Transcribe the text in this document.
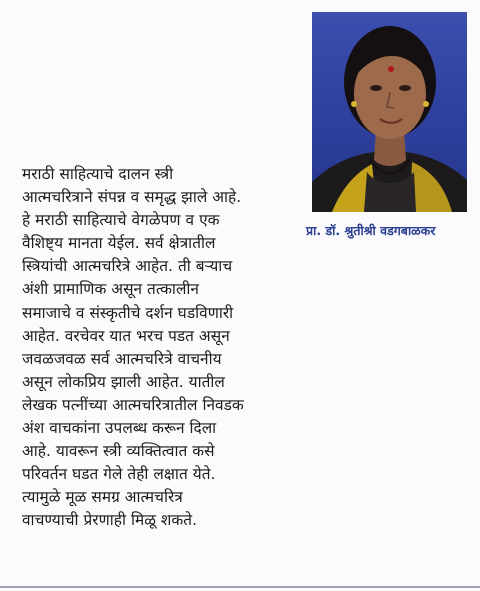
प्रा. डॉ. श्रुतीश्री वडगबाळकर
मराठी साहित्याचे दालन स्त्री
आत्मचरित्राने संपन्न व समृद्ध झाले आहे.
हे मराठी साहित्याचे वेगळेपण व एक
वैशिष्ट्य मानता येईल. सर्व क्षेत्रातील
स्त्रियांची आत्मचरित्रे आहेत. ती बऱ्याच
अंशी प्रामाणिक असून तत्कालीन
समाजाचे व संस्कृतीचे दर्शन घडविणारी
आहेत. वरचेवर यात भरच पडत असून
जवळजवळ सर्व आत्मचरित्रे वाचनीय
असून लोकप्रिय झाली आहेत. यातील
लेखक पत्नींच्या आत्मचरित्रातील निवडक
अंश वाचकांना उपलब्ध करून दिला
आहे. यावरून स्त्री व्यक्तित्वात कसे
परिवर्तन घडत गेले तेही लक्षात येते.
त्यामुळे मूळ समग्र आत्मचरित्र
वाचण्याची प्रेरणाही मिळू शकते.
